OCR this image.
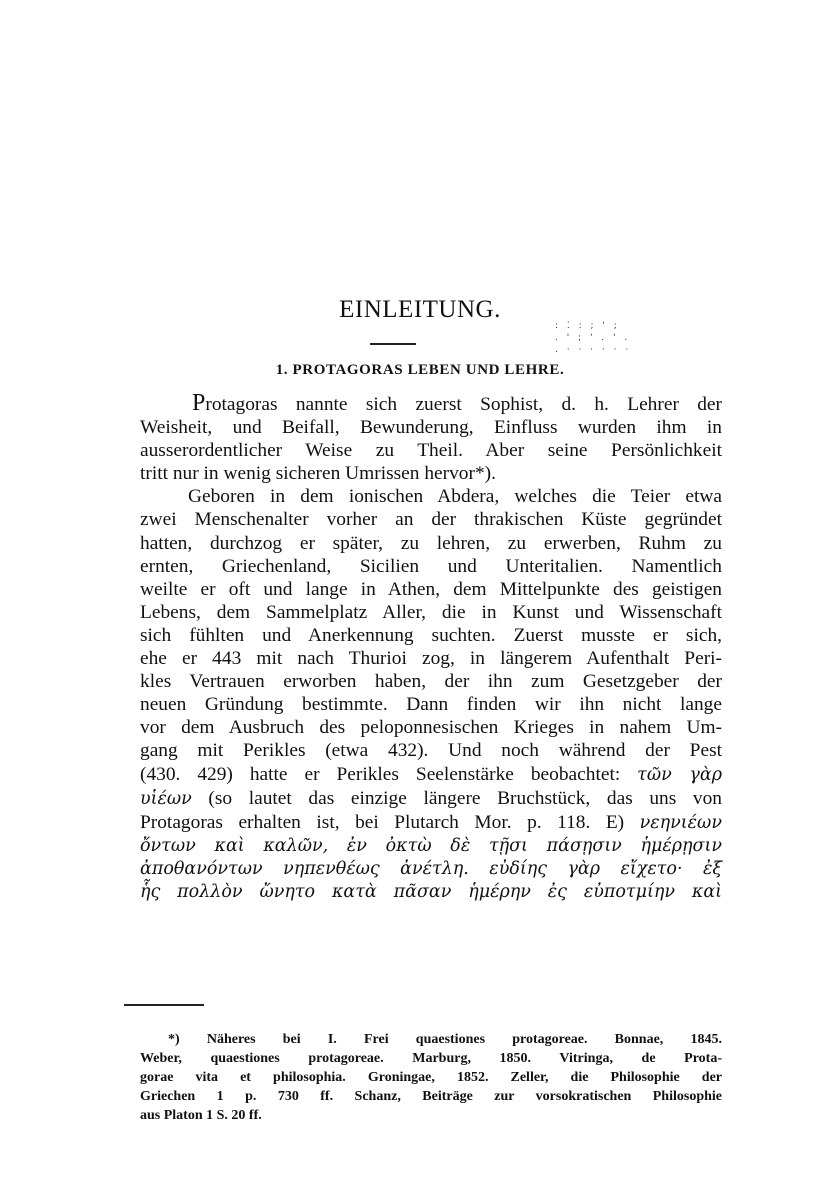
EINLEITUNG.
: ⁚ : ; ' ;
. ' ; ' . ' .
. · · · · · ·
1. PROTAGORAS LEBEN UND LEHRE.
Protagoras nannte sich zuerst Sophist, d. h. Lehrer der
Weisheit, und Beifall, Bewunderung, Einfluss wurden ihm in
ausserordentlicher Weise zu Theil. Aber seine Persönlichkeit
tritt nur in wenig sicheren Umrissen hervor*).
Geboren in dem ionischen Abdera, welches die Teier etwa
zwei Menschenalter vorher an der thrakischen Küste gegründet
hatten, durchzog er später, zu lehren, zu erwerben, Ruhm zu
ernten, Griechenland, Sicilien und Unteritalien. Namentlich
weilte er oft und lange in Athen, dem Mittelpunkte des geistigen
Lebens, dem Sammelplatz Aller, die in Kunst und Wissenschaft
sich fühlten und Anerkennung suchten. Zuerst musste er sich,
ehe er 443 mit nach Thurioi zog, in längerem Aufenthalt Peri-
kles Vertrauen erworben haben, der ihn zum Gesetzgeber der
neuen Gründung bestimmte. Dann finden wir ihn nicht lange
vor dem Ausbruch des peloponnesischen Krieges in nahem Um-
gang mit Perikles (etwa 432). Und noch während der Pest
(430. 429) hatte er Perikles Seelenstärke beobachtet: τῶν γὰρ
υἱέων (so lautet das einzige längere Bruchstück, das uns von
Protagoras erhalten ist, bei Plutarch Mor. p. 118. E) νεηνιέων
ὄντων καὶ καλῶν, ἐν ὀκτὼ δὲ τῇσι πάσῃσιν ἡμέρῃσιν
ἀποθανόντων νηπενθέως ἀνέτλη. εὐδίης γὰρ εἴχετο· ἐξ
ἧς πολλὸν ὤνητο κατὰ πᾶσαν ἡμέρην ἐς εὐποτμίην καὶ
*) Näheres bei I. Frei quaestiones protagoreae. Bonnae, 1845.
Weber, quaestiones protagoreae. Marburg, 1850. Vitringa, de Prota-
gorae vita et philosophia. Groningae, 1852. Zeller, die Philosophie der
Griechen 1 p. 730 ff. Schanz, Beiträge zur vorsokratischen Philosophie
aus Platon 1 S. 20 ff.
